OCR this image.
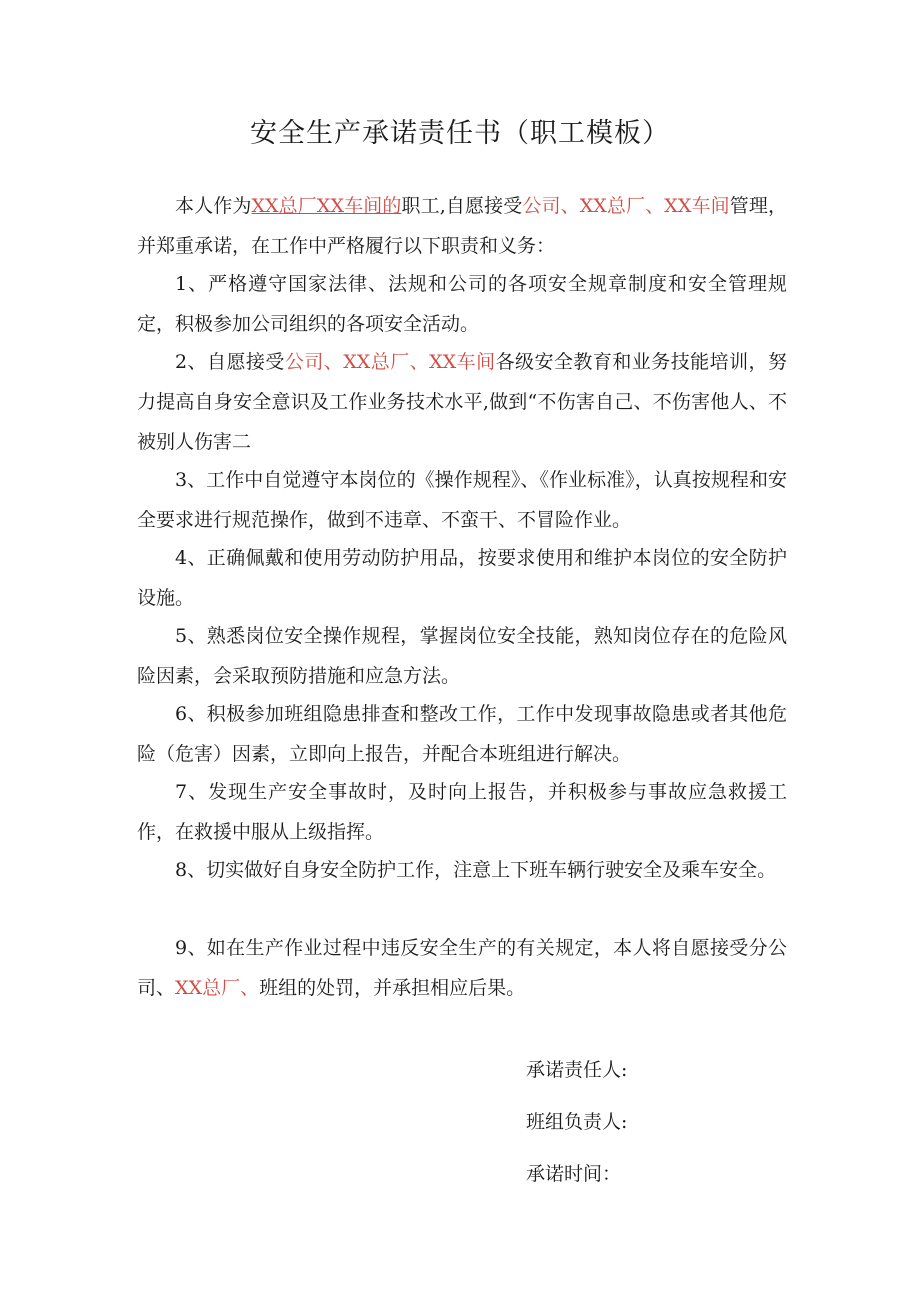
安全生产承诺责任书（职工模板）
本人作为XX总厂XX车间的职工,自愿接受公司、XX总厂、XX车间管理，并郑重承诺，在工作中严格履行以下职责和义务：
1、严格遵守国家法律、法规和公司的各项安全规章制度和安全管理规定，积极参加公司组织的各项安全活动。
2、自愿接受公司、XX总厂、XX车间各级安全教育和业务技能培训，努力提高自身安全意识及工作业务技术水平,做到“不伤害自己、不伤害他人、不被别人伤害二
3、工作中自觉遵守本岗位的《操作规程》、《作业标准》，认真按规程和安全要求进行规范操作，做到不违章、不蛮干、不冒险作业。
4、正确佩戴和使用劳动防护用品，按要求使用和维护本岗位的安全防护设施。
5、熟悉岗位安全操作规程，掌握岗位安全技能，熟知岗位存在的危险风险因素，会采取预防措施和应急方法。
6、积极参加班组隐患排查和整改工作，工作中发现事故隐患或者其他危险（危害）因素，立即向上报告，并配合本班组进行解决。
7、发现生产安全事故时，及时向上报告，并积极参与事故应急救援工作，在救援中服从上级指挥。
8、切实做好自身安全防护工作，注意上下班车辆行驶安全及乘车安全。
9、如在生产作业过程中违反安全生产的有关规定，本人将自愿接受分公司、XX总厂、班组的处罚，并承担相应后果。
承诺责任人:
班组负责人:
承诺时间：
